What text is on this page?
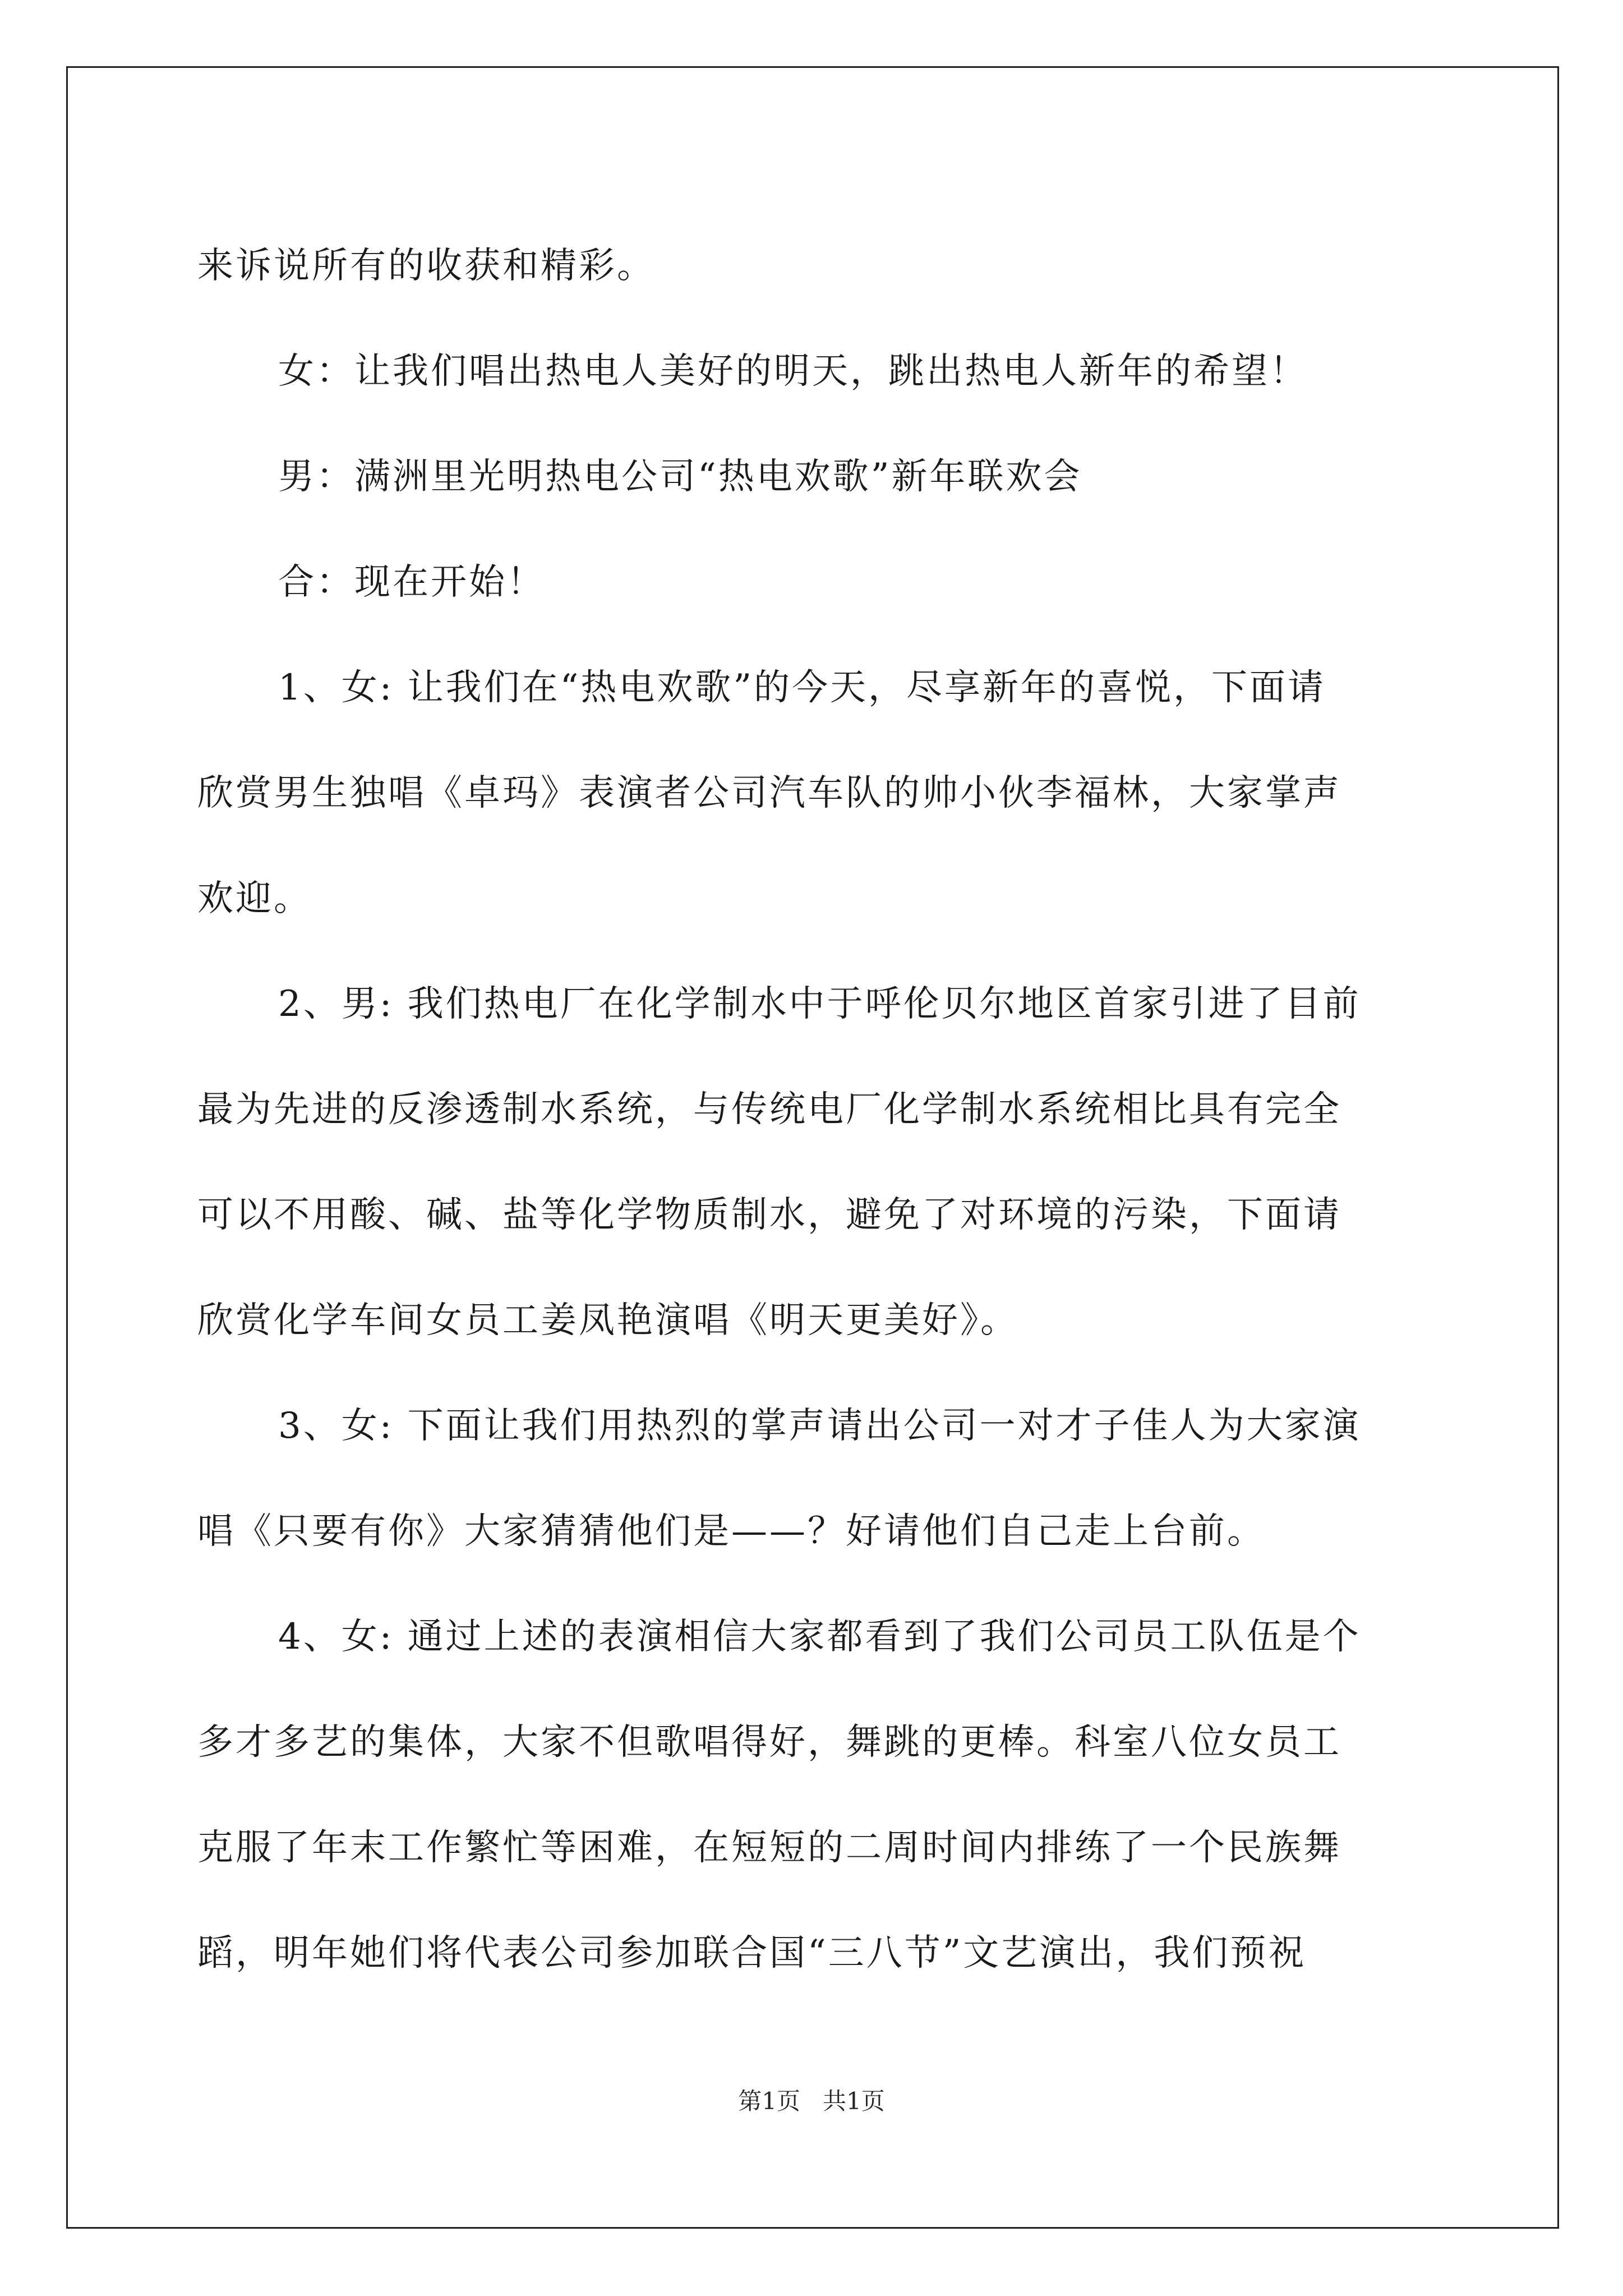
来诉说所有的收获和精彩。

女：让我们唱出热电人美好的明天，跳出热电人新年的希望！

男：满洲里光明热电公司“热电欢歌”新年联欢会

合：现在开始！

1、女: 让我们在“热电欢歌”的今天，尽享新年的喜悦，下面请

欣赏男生独唱《卓玛》表演者公司汽车队的帅小伙李福林，大家掌声

欢迎。

2、男: 我们热电厂在化学制水中于呼伦贝尔地区首家引进了目前

最为先进的反渗透制水系统，与传统电厂化学制水系统相比具有完全

可以不用酸、碱、盐等化学物质制水，避免了对环境的污染，下面请

欣赏化学车间女员工姜凤艳演唱《明天更美好》。

3、女: 下面让我们用热烈的掌声请出公司一对才子佳人为大家演

唱《只要有你》大家猜猜他们是——？好请他们自己走上台前。

4、女: 通过上述的表演相信大家都看到了我们公司员工队伍是个

多才多艺的集体，大家不但歌唱得好，舞跳的更棒。科室八位女员工

克服了年末工作繁忙等困难，在短短的二周时间内排练了一个民族舞

蹈，明年她们将代表公司参加联合国“三八节”文艺演出，我们预祝

第1页 共1页
